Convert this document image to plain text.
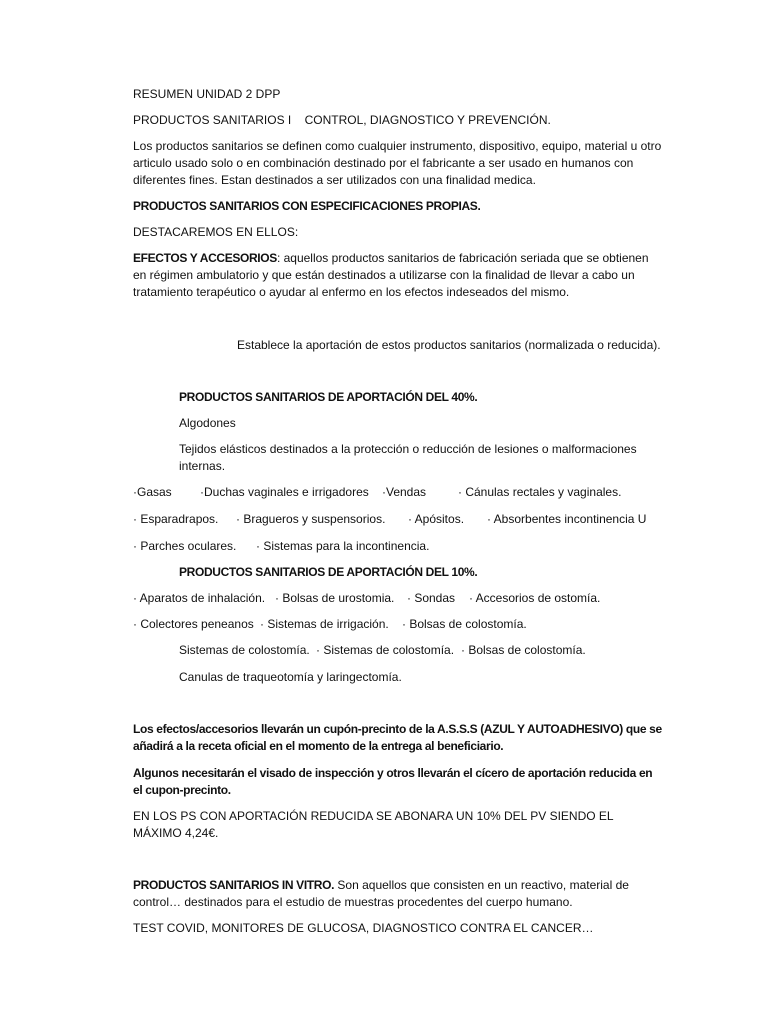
RESUMEN UNIDAD 2 DPP
PRODUCTOS SANITARIOS I    CONTROL, DIAGNOSTICO Y PREVENCIÓN.
Los productos sanitarios se definen como cualquier instrumento, dispositivo, equipo, material u otro articulo usado solo o en combinación destinado por el fabricante a ser usado en humanos con diferentes fines. Estan destinados a ser utilizados con una finalidad medica.
PRODUCTOS SANITARIOS CON ESPECIFICACIONES PROPIAS.
DESTACAREMOS EN ELLOS:
EFECTOS Y ACCESORIOS: aquellos productos sanitarios de fabricación seriada que se obtienen en régimen ambulatorio y que están destinados a utilizarse con la finalidad de llevar a cabo un tratamiento terapéutico o ayudar al enfermo en los efectos indeseados del mismo.
Establece la aportación de estos productos sanitarios (normalizada o reducida).
PRODUCTOS SANITARIOS DE APORTACIÓN DEL 40%.
Algodones
Tejidos elásticos destinados a la protección o reducción de lesiones o malformaciones internas.
·Gasas ·Duchas vaginales e irrigadores ·Vendas	· Cánulas rectales y vaginales.
· Esparadrapos. · Bragueros y suspensorios. · Apósitos. · Absorbentes incontinencia U
· Parches oculares. · Sistemas para la incontinencia.
PRODUCTOS SANITARIOS DE APORTACIÓN DEL 10%.
· Aparatos de inhalación. · Bolsas de urostomia. · Sondas · Accesorios de ostomía.
· Colectores peneanos · Sistemas de irrigación. · Bolsas de colostomía.
Sistemas de colostomía. · Sistemas de colostomía. · Bolsas de colostomía.
Canulas de traqueotomía y laringectomía.
Los efectos/accesorios llevarán un cupón-precinto de la A.S.S.S (AZUL Y AUTOADHESIVO) que se añadirá a la receta oficial en el momento de la entrega al beneficiario.
Algunos necesitarán el visado de inspección y otros llevarán el cícero de aportación reducida en el cupon-precinto.
EN LOS PS CON APORTACIÓN REDUCIDA SE ABONARA UN 10% DEL PV SIENDO EL MÁXIMO 4,24€.
PRODUCTOS SANITARIOS IN VITRO. Son aquellos que consisten en un reactivo, material de control… destinados para el estudio de muestras procedentes del cuerpo humano.
TEST COVID, MONITORES DE GLUCOSA, DIAGNOSTICO CONTRA EL CANCER…
